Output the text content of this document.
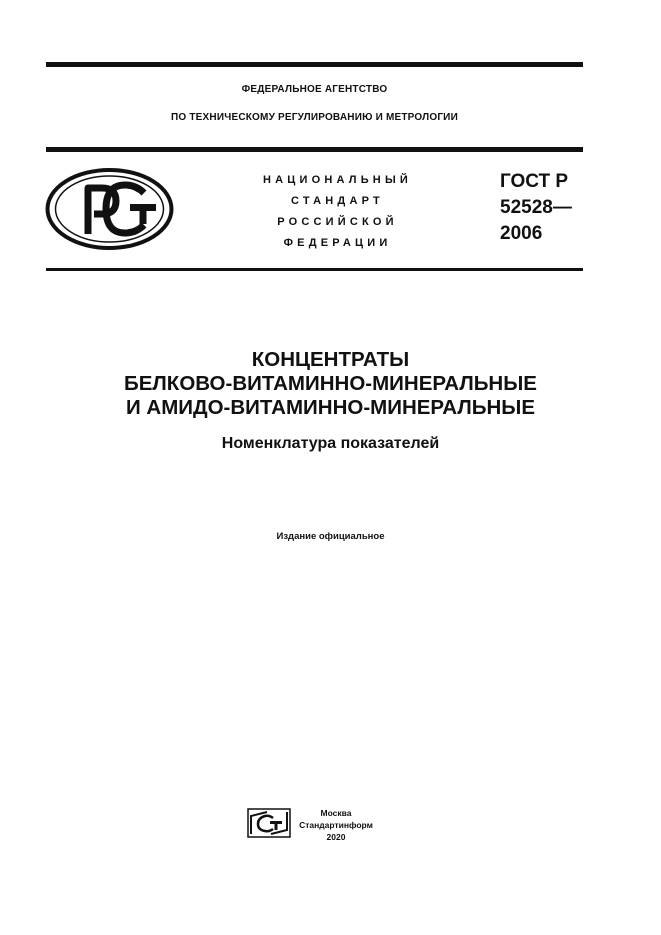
ФЕДЕРАЛЬНОЕ АГЕНТСТВО
ПО ТЕХНИЧЕСКОМУ РЕГУЛИРОВАНИЮ И МЕТРОЛОГИИ
НАЦИОНАЛЬНЫЙ
СТАНДАРТ
РОССИЙСКОЙ
ФЕДЕРАЦИИ
ГОСТ Р
52528—
2006
КОНЦЕНТРАТЫ
БЕЛКОВО-ВИТАМИННО-МИНЕРАЛЬНЫЕ
И АМИДО-ВИТАМИННО-МИНЕРАЛЬНЫЕ
Номенклатура показателей
Издание официальное
Москва
Стандартинформ
2020
